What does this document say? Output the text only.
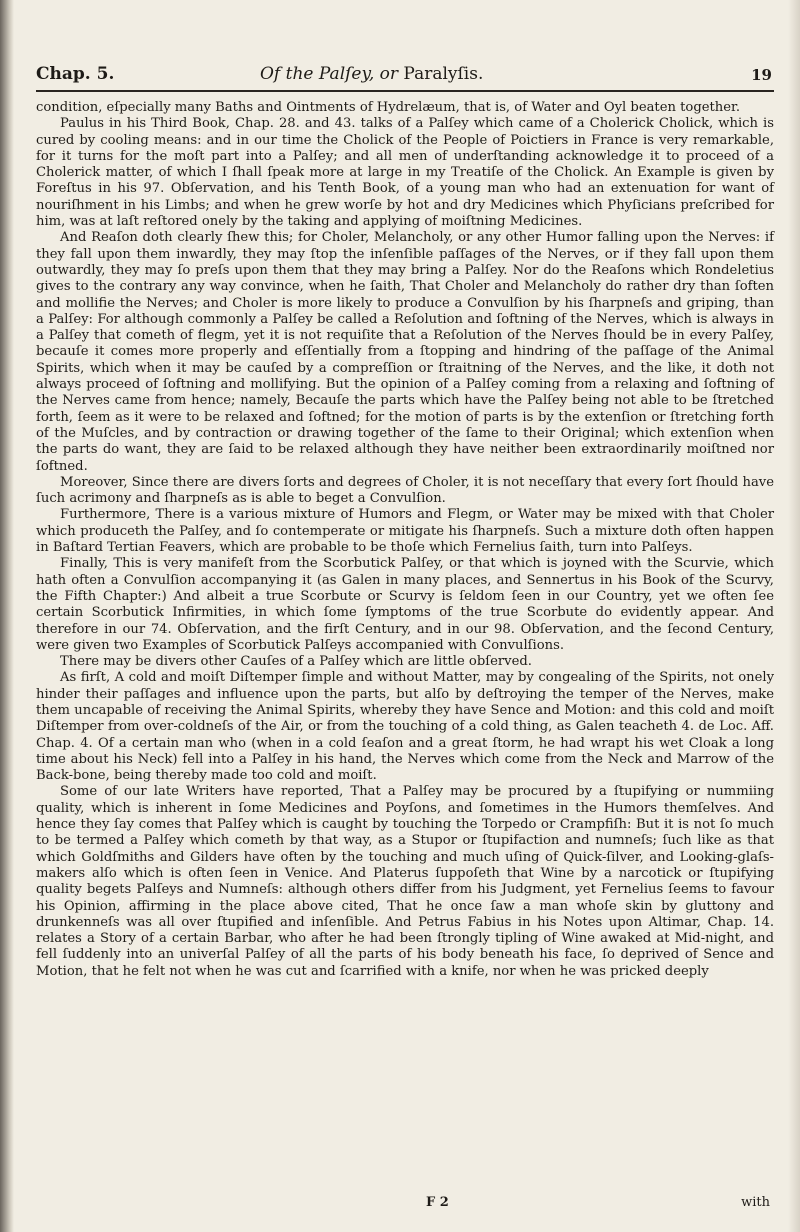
Chap. 5.	Of the Palſey, or Paralyſis.	19

condition, eſpecially many Baths and Ointments of Hydrelæum, that is, of Water and Oyl beaten together.

Paulus in his Third Book, Chap. 28. and 43. talks of a Palſey which came of a Cholerick Cholick, which is cured by cooling means: and in our time the Cholick of the People of Poictiers in France is very remarkable, for it turns for the moſt part into a Palſey; and all men of underſtanding acknowledge it to proceed of a Cholerick matter, of which I ſhall ſpeak more at large in my Treatiſe of the Cholick. An Example is given by Foreſtus in his 97. Obſervation, and his Tenth Book, of a young man who had an extenuation for want of nouriſhment in his Limbs; and when he grew worſe by hot and dry Medicines which Phyſicians preſcribed for him, was at laſt reſtored onely by the taking and applying of moiſtning Medicines.

And Reaſon doth clearly ſhew this; for Choler, Melancholy, or any other Humor falling upon the Nerves: if they fall upon them inwardly, they may ſtop the inſenſible paſſages of the Nerves, or if they fall upon them outwardly, they may ſo preſs upon them that they may bring a Palſey. Nor do the Reaſons which Rondeletius gives to the contrary any way convince, when he ſaith, That Choler and Melancholy do rather dry than ſoften and mollifie the Nerves; and Choler is more likely to produce a Convulſion by his ſharpneſs and griping, than a Palſey: For although commonly a Palſey be called a Reſolution and ſoftning of the Nerves, which is always in a Palſey that cometh of flegm, yet it is not requiſite that a Reſolution of the Nerves ſhould be in every Palſey, becauſe it comes more properly and eſſentially from a ſtopping and hindring of the paſſage of the Animal Spirits, which when it may be cauſed by a compreſſion or ſtraitning of the Nerves, and the like, it doth not always proceed of ſoftning and mollifying. But the opinion of a Palſey coming from a relaxing and ſoftning of the Nerves came from hence; namely, Becauſe the parts which have the Palſey being not able to be ſtretched forth, ſeem as it were to be relaxed and ſoftned; for the motion of parts is by the extenſion or ſtretching forth of the Muſcles, and by contraction or drawing together of the ſame to their Original; which extenſion when the parts do want, they are ſaid to be relaxed although they have neither been extraordinarily moiſtned nor ſoftned.

Moreover, Since there are divers ſorts and degrees of Choler, it is not neceſſary that every ſort ſhould have ſuch acrimony and ſharpneſs as is able to beget a Convulſion.

Furthermore, There is a various mixture of Humors and Flegm, or Water may be mixed with that Choler which produceth the Palſey, and ſo contemperate or mitigate his ſharpneſs. Such a mixture doth often happen in Baſtard Tertian Feavers, which are probable to be thoſe which Fernelius ſaith, turn into Palſeys.

Finally, This is very manifeſt from the Scorbutick Palſey, or that which is joyned with the Scurvie, which hath often a Convulſion accompanying it (as Galen in many places, and Sennertus in his Book of the Scurvy, the Fifth Chapter:) And albeit a true Scorbute or Scurvy is ſeldom ſeen in our Country, yet we often ſee certain Scorbutick Infirmities, in which ſome ſymptoms of the true Scorbute do evidently appear. And therefore in our 74. Obſervation, and the firſt Century, and in our 98. Obſervation, and the ſecond Century, were given two Examples of Scorbutick Palſeys accompanied with Convulſions.

There may be divers other Cauſes of a Palſey which are little obſerved.

As firſt, A cold and moiſt Diſtemper ſimple and without Matter, may by congealing of the Spirits, not onely hinder their paſſages and influence upon the parts, but alſo by deſtroying the temper of the Nerves, make them uncapable of receiving the Animal Spirits, whereby they have Sence and Motion: and this cold and moiſt Diſtemper from over-coldneſs of the Air, or from the touching of a cold thing, as Galen teacheth 4. de Loc. Aff. Chap. 4. Of a certain man who (when in a cold ſeaſon and a great ſtorm, he had wrapt his wet Cloak a long time about his Neck) fell into a Palſey in his hand, the Nerves which come from the Neck and Marrow of the Back-bone, being thereby made too cold and moiſt.

Some of our late Writers have reported, That a Palſey may be procured by a ſtupifying or nummiing quality, which is inherent in ſome Medicines and Poyſons, and ſometimes in the Humors themſelves. And hence they ſay comes that Palſey which is caught by touching the Torpedo or Crampfiſh: But it is not ſo much to be termed a Palſey which cometh by that way, as a Stupor or ſtupifaction and numneſs; ſuch like as that which Goldſmiths and Gilders have often by the touching and much uſing of Quick-ſilver, and Looking-glaſs-makers alſo which is often ſeen in Venice. And Platerus ſuppoſeth that Wine by a narcotick or ſtupifying quality begets Palſeys and Numneſs: although others differ from his Judgment, yet Fernelius ſeems to favour his Opinion, affirming in the place above cited, That he once ſaw a man whoſe skin by gluttony and drunkenneſs was all over ſtupified and inſenſible. And Petrus Fabius in his Notes upon Altimar, Chap. 14. relates a Story of a certain Barbar, who after he had been ſtrongly tipling of Wine awaked at Mid-night, and fell ſuddenly into an univerſal Palſey of all the parts of his body beneath his face, ſo deprived of Sence and Motion, that he felt not when he was cut and ſcarrified with a knife, nor when he was pricked deeply

F 2	with
